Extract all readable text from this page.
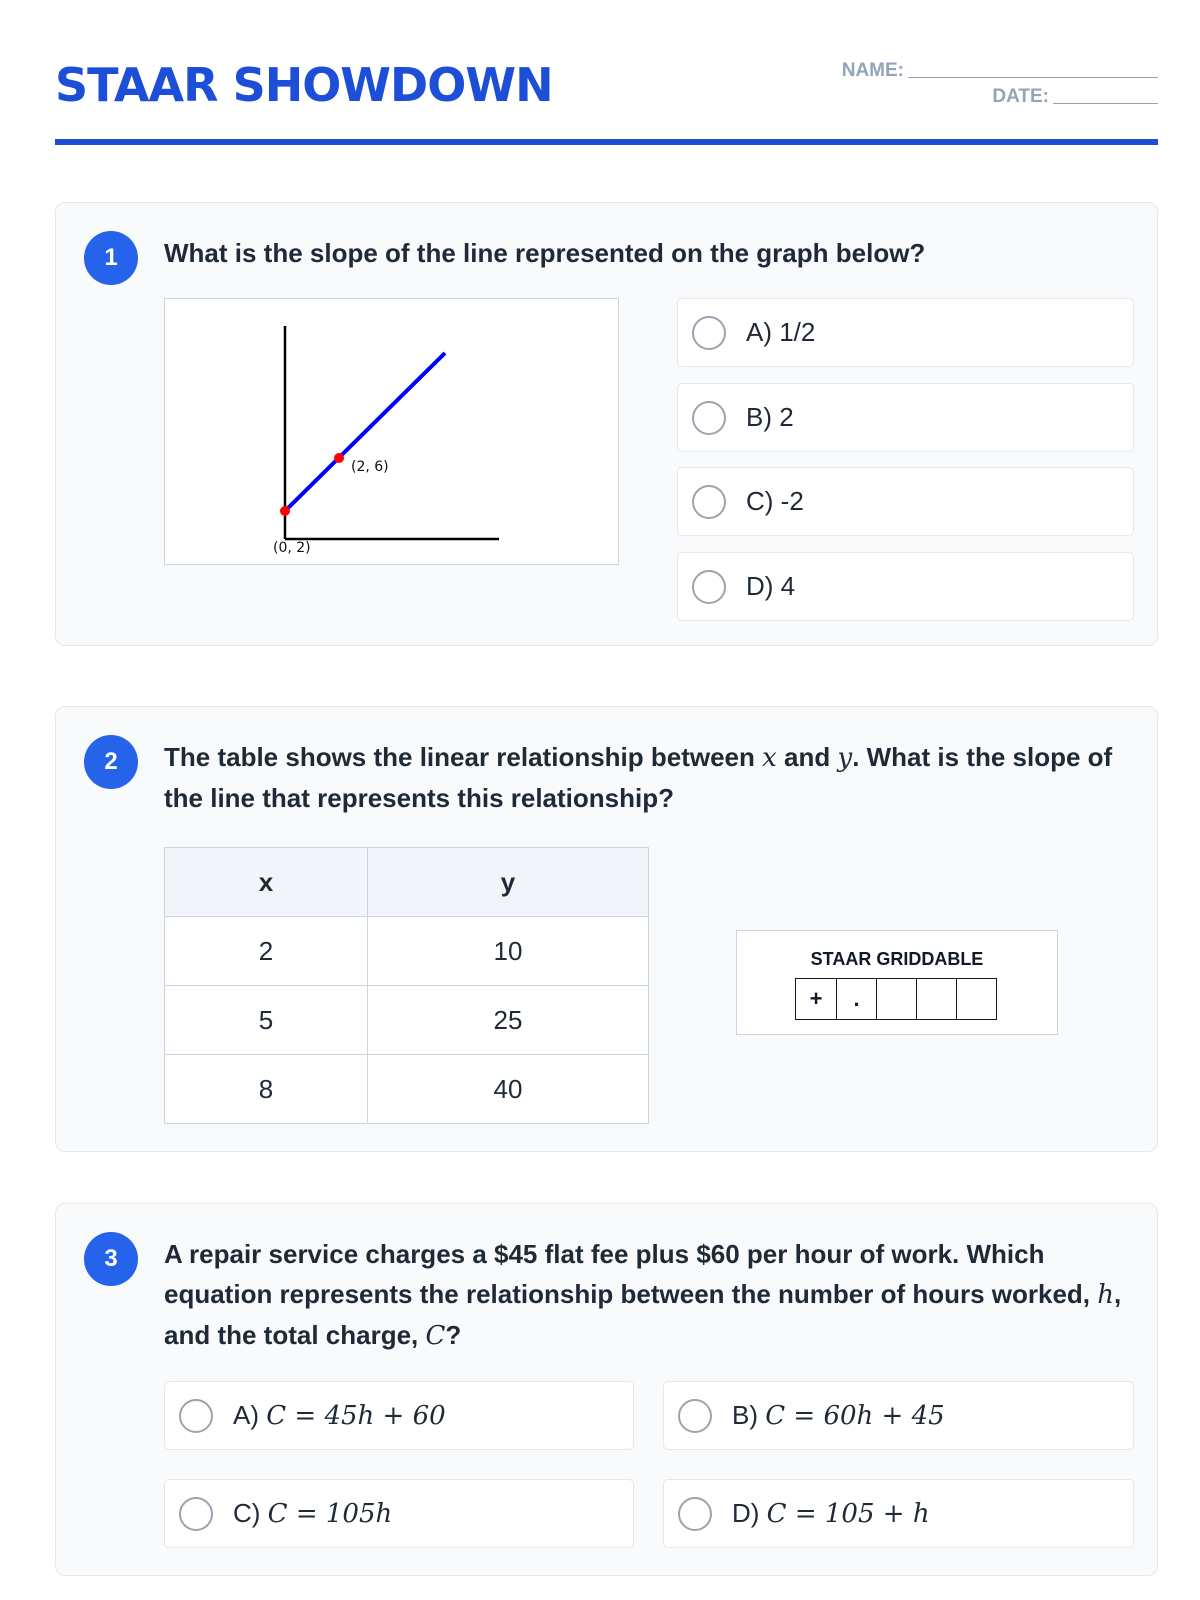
STAAR SHOWDOWN	NAME:
DATE:
1	What is the slope of the line represented on the graph below?
(0, 2)
(2, 6)
A) 1/2
B) 2
C) -2
D) 4
2	The table shows the linear relationship between x and y. What is the slope of the line that represents this relationship?
x	y
2	10
5	25
8	40
STAAR GRIDDABLE
+	.
3	A repair service charges a $45 flat fee plus $60 per hour of work. Which equation represents the relationship between the number of hours worked, h, and the total charge, C?
A) C = 45h + 60	B) C = 60h + 45
C) C = 105h	D) C = 105 + h
